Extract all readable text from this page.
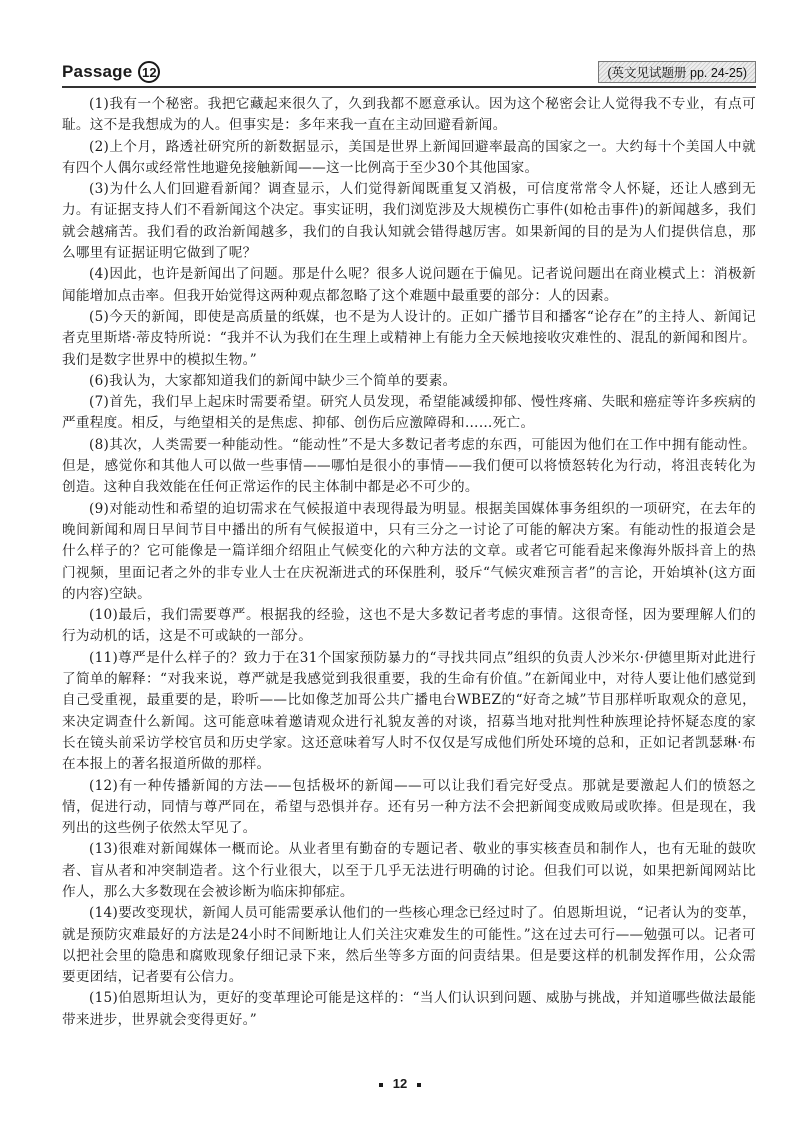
Passage 12	(英文见试题册 pp. 24-25)

(1)我有一个秘密。我把它藏起来很久了，久到我都不愿意承认。因为这个秘密会让人觉得我不专业，有点可耻。这不是我想成为的人。但事实是：多年来我一直在主动回避看新闻。

(2)上个月，路透社研究所的新数据显示，美国是世界上新闻回避率最高的国家之一。大约每十个美国人中就有四个人偶尔或经常性地避免接触新闻——这一比例高于至少30个其他国家。

(3)为什么人们回避看新闻？调查显示，人们觉得新闻既重复又消极，可信度常常令人怀疑，还让人感到无力。有证据支持人们不看新闻这个决定。事实证明，我们浏览涉及大规模伤亡事件(如枪击事件)的新闻越多，我们就会越痛苦。我们看的政治新闻越多，我们的自我认知就会错得越厉害。如果新闻的目的是为人们提供信息，那么哪里有证据证明它做到了呢？

(4)因此，也许是新闻出了问题。那是什么呢？很多人说问题在于偏见。记者说问题出在商业模式上：消极新闻能增加点击率。但我开始觉得这两种观点都忽略了这个难题中最重要的部分：人的因素。

(5)今天的新闻，即使是高质量的纸媒，也不是为人设计的。正如广播节目和播客“论存在”的主持人、新闻记者克里斯塔·蒂皮特所说：“我并不认为我们在生理上或精神上有能力全天候地接收灾难性的、混乱的新闻和图片。我们是数字世界中的模拟生物。”

(6)我认为，大家都知道我们的新闻中缺少三个简单的要素。

(7)首先，我们早上起床时需要希望。研究人员发现，希望能减缓抑郁、慢性疼痛、失眠和癌症等许多疾病的严重程度。相反，与绝望相关的是焦虑、抑郁、创伤后应激障碍和……死亡。

(8)其次，人类需要一种能动性。“能动性”不是大多数记者考虑的东西，可能因为他们在工作中拥有能动性。但是，感觉你和其他人可以做一些事情——哪怕是很小的事情——我们便可以将愤怒转化为行动，将沮丧转化为创造。这种自我效能在任何正常运作的民主体制中都是必不可少的。

(9)对能动性和希望的迫切需求在气候报道中表现得最为明显。根据美国媒体事务组织的一项研究，在去年的晚间新闻和周日早间节目中播出的所有气候报道中，只有三分之一讨论了可能的解决方案。有能动性的报道会是什么样子的？它可能像是一篇详细介绍阻止气候变化的六种方法的文章。或者它可能看起来像海外版抖音上的热门视频，里面记者之外的非专业人士在庆祝渐进式的环保胜利，驳斥“气候灾难预言者”的言论，开始填补(这方面的内容)空缺。

(10)最后，我们需要尊严。根据我的经验，这也不是大多数记者考虑的事情。这很奇怪，因为要理解人们的行为动机的话，这是不可或缺的一部分。

(11)尊严是什么样子的？致力于在31个国家预防暴力的“寻找共同点”组织的负责人沙米尔·伊德里斯对此进行了简单的解释：“对我来说，尊严就是我感觉到我很重要，我的生命有价值。”在新闻业中，对待人要让他们感觉到自己受重视，最重要的是，聆听——比如像芝加哥公共广播电台WBEZ的“好奇之城”节目那样听取观众的意见，来决定调查什么新闻。这可能意味着邀请观众进行礼貌友善的对谈，招募当地对批判性种族理论持怀疑态度的家长在镜头前采访学校官员和历史学家。这还意味着写人时不仅仅是写成他们所处环境的总和，正如记者凯瑟琳·布在本报上的著名报道所做的那样。

(12)有一种传播新闻的方法——包括极坏的新闻——可以让我们看完好受点。那就是要激起人们的愤怒之情，促进行动，同情与尊严同在，希望与恐惧并存。还有另一种方法不会把新闻变成败局或吹捧。但是现在，我列出的这些例子依然太罕见了。

(13)很难对新闻媒体一概而论。从业者里有勤奋的专题记者、敬业的事实核查员和制作人，也有无耻的鼓吹者、盲从者和冲突制造者。这个行业很大，以至于几乎无法进行明确的讨论。但我们可以说，如果把新闻网站比作人，那么大多数现在会被诊断为临床抑郁症。

(14)要改变现状，新闻人员可能需要承认他们的一些核心理念已经过时了。伯恩斯坦说，“记者认为的变革，就是预防灾难最好的方法是24小时不间断地让人们关注灾难发生的可能性。”这在过去可行——勉强可以。记者可以把社会里的隐患和腐败现象仔细记录下来，然后坐等多方面的问责结果。但是要这样的机制发挥作用，公众需要更团结，记者要有公信力。

(15)伯恩斯坦认为，更好的变革理论可能是这样的：“当人们认识到问题、威胁与挑战，并知道哪些做法最能带来进步，世界就会变得更好。”

12
